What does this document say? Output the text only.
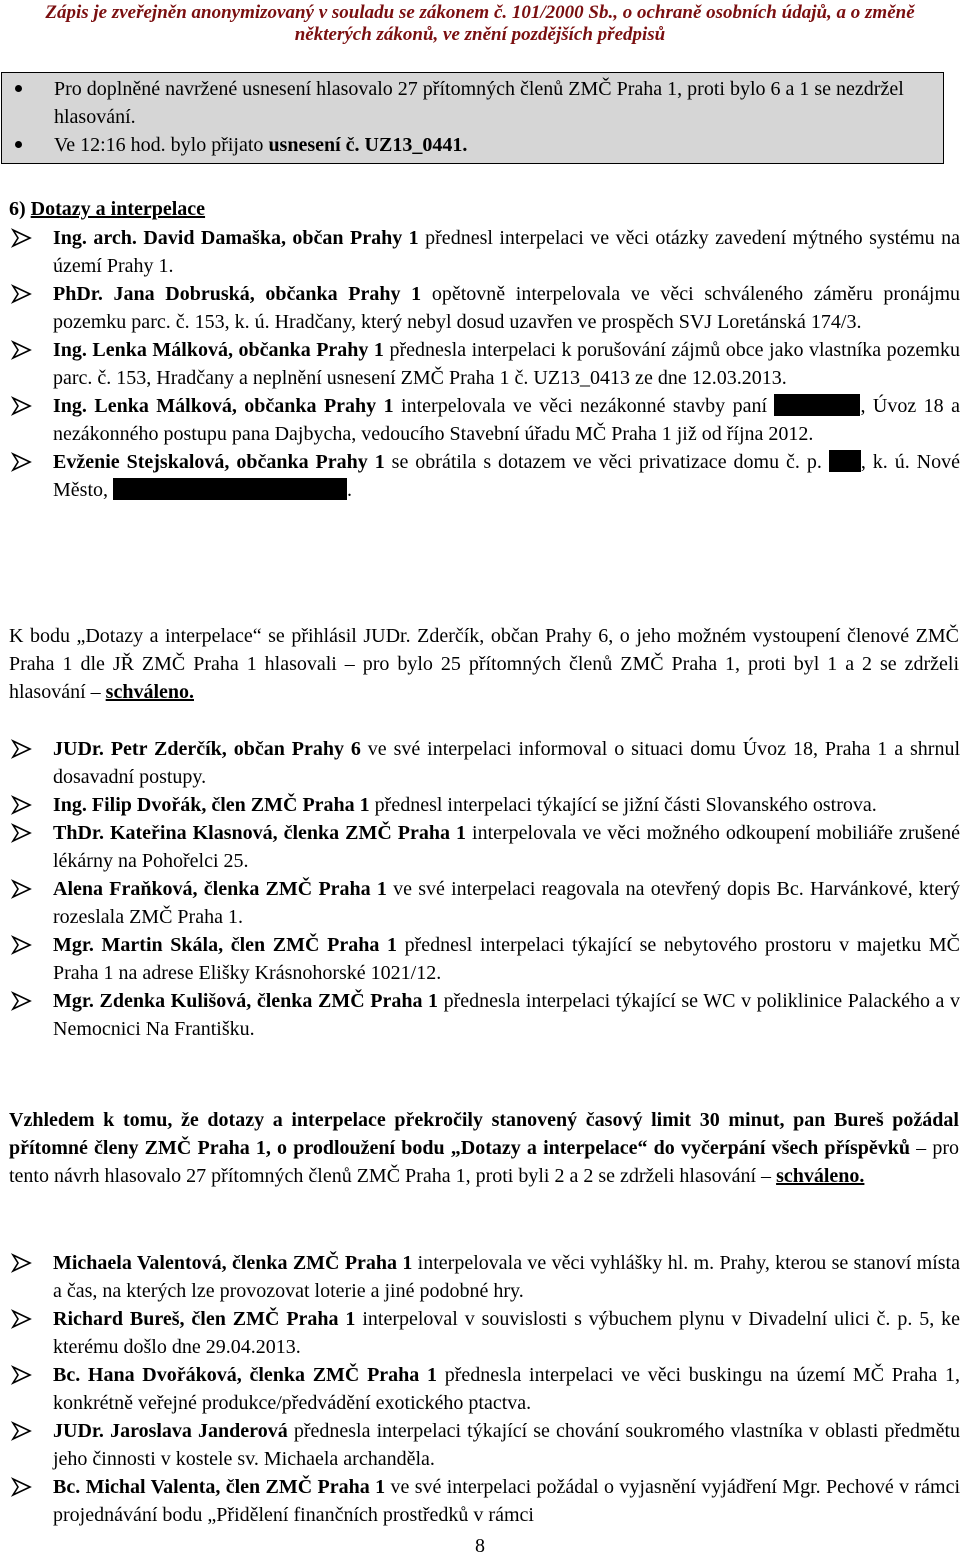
Zápis je zveřejněn anonymizovaný v souladu se zákonem č. 101/2000 Sb., o ochraně osobních údajů, a o změně
některých zákonů, ve znění pozdějších předpisů
Pro doplněné navržené usnesení hlasovalo 27 přítomných členů ZMČ Praha 1, proti bylo 6 a 1 se nezdržel hlasování.
Ve 12:16 hod. bylo přijato usnesení č. UZ13_0441.
6) Dotazy a interpelace
Ing. arch. David Damaška, občan Prahy 1 přednesl interpelaci ve věci otázky zavedení mýtného systému na území Prahy 1.
PhDr. Jana Dobruská, občanka Prahy 1 opětovně interpelovala ve věci schváleného záměru pronájmu pozemku parc. č. 153, k. ú. Hradčany, který nebyl dosud uzavřen ve prospěch SVJ Loretánská 174/3.
Ing. Lenka Málková, občanka Prahy 1 přednesla interpelaci k porušování zájmů obce jako vlastníka pozemku parc. č. 153, Hradčany a neplnění usnesení ZMČ Praha 1 č. UZ13_0413 ze dne 12.03.2013.
Ing. Lenka Málková, občanka Prahy 1 interpelovala ve věci nezákonné stavby paní	, Úvoz 18 a nezákonného postupu pana Dajbycha, vedoucího Stavební úřadu MČ Praha 1 již od října 2012.
Evženie Stejskalová, občanka Prahy 1 se obrátila s dotazem ve věci privatizace domu č. p. , k. ú. Nové Město,	.
K bodu „Dotazy a interpelace“ se přihlásil JUDr. Zderčík, občan Prahy 6, o jeho možném vystoupení členové ZMČ Praha 1 dle JŘ ZMČ Praha 1 hlasovali – pro bylo 25 přítomných členů ZMČ Praha 1, proti byl 1 a 2 se zdrželi hlasování – schváleno.
JUDr. Petr Zderčík, občan Prahy 6 ve své interpelaci informoval o situaci domu Úvoz 18, Praha 1 a shrnul dosavadní postupy.
Ing. Filip Dvořák, člen ZMČ Praha 1 přednesl interpelaci týkající se jižní části Slovanského ostrova.
ThDr. Kateřina Klasnová, členka ZMČ Praha 1 interpelovala ve věci možného odkoupení mobiliáře zrušené lékárny na Pohořelci 25.
Alena Fraňková, členka ZMČ Praha 1 ve své interpelaci reagovala na otevřený dopis Bc. Harvánkové, který rozeslala ZMČ Praha 1.
Mgr. Martin Skála, člen ZMČ Praha 1 přednesl interpelaci týkající se nebytového prostoru v majetku MČ Praha 1 na adrese Elišky Krásnohorské 1021/12.
Mgr. Zdenka Kulišová, členka ZMČ Praha 1 přednesla interpelaci týkající se WC v poliklinice Palackého a v Nemocnici Na Františku.
Vzhledem k tomu, že dotazy a interpelace překročily stanovený časový limit 30 minut, pan Bureš požádal přítomné členy ZMČ Praha 1, o prodloužení bodu „Dotazy a interpelace“ do vyčerpání všech příspěvků – pro tento návrh hlasovalo 27 přítomných členů ZMČ Praha 1, proti byli 2 a 2 se zdrželi hlasování – schváleno.
Michaela Valentová, členka ZMČ Praha 1 interpelovala ve věci vyhlášky hl. m. Prahy, kterou se stanoví místa a čas, na kterých lze provozovat loterie a jiné podobné hry.
Richard Bureš, člen ZMČ Praha 1 interpeloval v souvislosti s výbuchem plynu v Divadelní ulici č. p. 5, ke kterému došlo dne 29.04.2013.
Bc. Hana Dvořáková, členka ZMČ Praha 1 přednesla interpelaci ve věci buskingu na území MČ Praha 1, konkrétně veřejné produkce/předvádění exotického ptactva.
JUDr. Jaroslava Janderová přednesla interpelaci týkající se chování soukromého vlastníka v oblasti předmětu jeho činnosti v kostele sv. Michaela archanděla.
Bc. Michal Valenta, člen ZMČ Praha 1 ve své interpelaci požádal o vyjasnění vyjádření Mgr. Pechové v rámci projednávání bodu „Přidělení finančních prostředků v rámci
8
